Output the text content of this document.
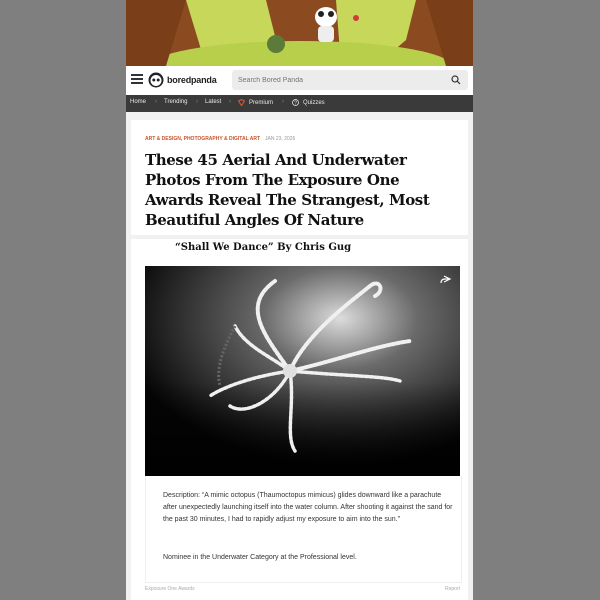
boredpanda
Search Bored Panda
Home › Trending › Latest ›	Premium › ? Quizzes
ART & DESIGN, PHOTOGRAPHY & DIGITAL ART JAN 23, 2026
These 45 Aerial And Underwater Photos From The Exposure One Awards Reveal The Strangest, Most Beautiful Angles Of Nature
“Shall We Dance” By Chris Gug
Description: “A mimic octopus (Thaumoctopus mimicus) glides downward like a parachute after unexpectedly launching itself into the water column. After shooting it against the sand for the past 30 minutes, I had to rapidly adjust my exposure to aim into the sun.”
Nominee in the Underwater Category at the Professional level.
Exposure One Awards	Report
